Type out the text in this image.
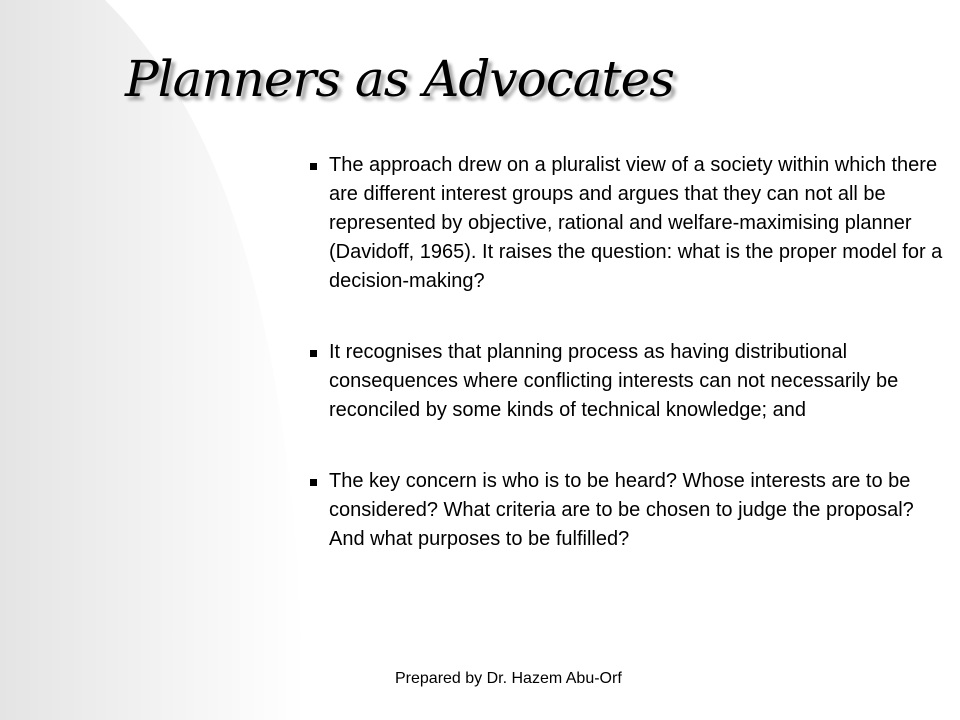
Planners as Advocates
The approach drew on a pluralist view of a society within which there are different interest groups and argues that they can not all be represented by objective, rational and welfare-maximising planner (Davidoff, 1965). It raises the question: what is the proper model for a decision-making?
It recognises that planning process as having distributional consequences where conflicting interests can not necessarily be reconciled by some kinds of technical knowledge; and
The key concern is who is to be heard? Whose interests are to be considered? What criteria are to be chosen to judge the proposal? And what purposes to be fulfilled?
Prepared by Dr. Hazem Abu-Orf
